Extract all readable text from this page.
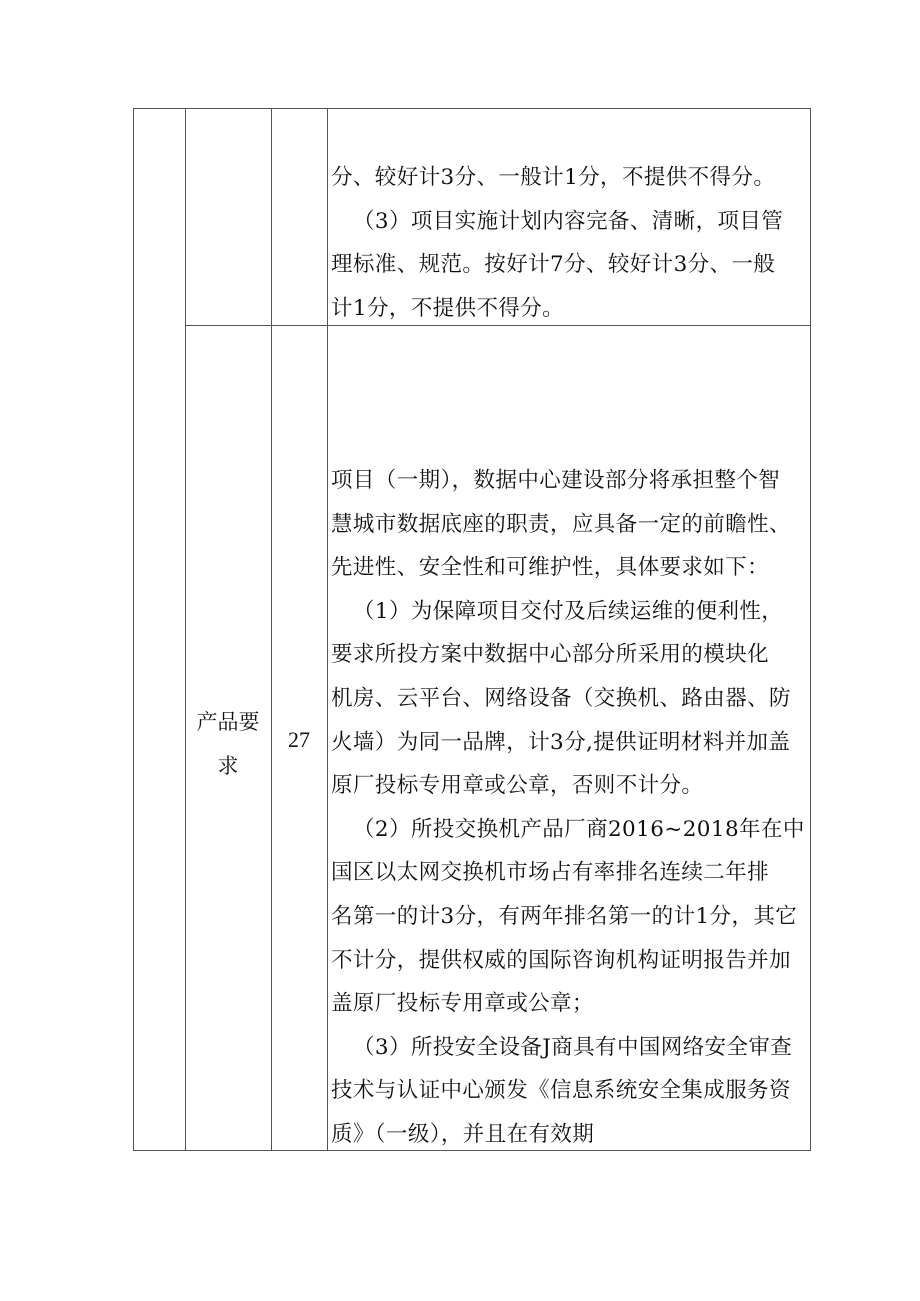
分、较好计3分、一般计1分，不提供不得分。
（3）项目实施计划内容完备、清晰，项目管
理标准、规范。按好计7分、较好计3分、一般
计1分，不提供不得分。
产品要
求
27
项目（一期），数据中心建设部分将承担整个智
慧城市数据底座的职责，应具备一定的前瞻性、
先进性、安全性和可维护性，具体要求如下：
（1）为保障项目交付及后续运维的便利性，
要求所投方案中数据中心部分所采用的模块化
机房、云平台、网络设备（交换机、路由器、防
火墙）为同一品牌，计3分,提供证明材料并加盖
原厂投标专用章或公章，否则不计分。
（2）所投交换机产品厂商2016~2018年在中
国区以太网交换机市场占有率排名连续二年排
名第一的计3分，有两年排名第一的计1分，其它
不计分，提供权威的国际咨询机构证明报告并加
盖原厂投标专用章或公章；
（3）所投安全设备J商具有中国网络安全审查
技术与认证中心颁发《信息系统安全集成服务资
质》（一级），并且在有效期
